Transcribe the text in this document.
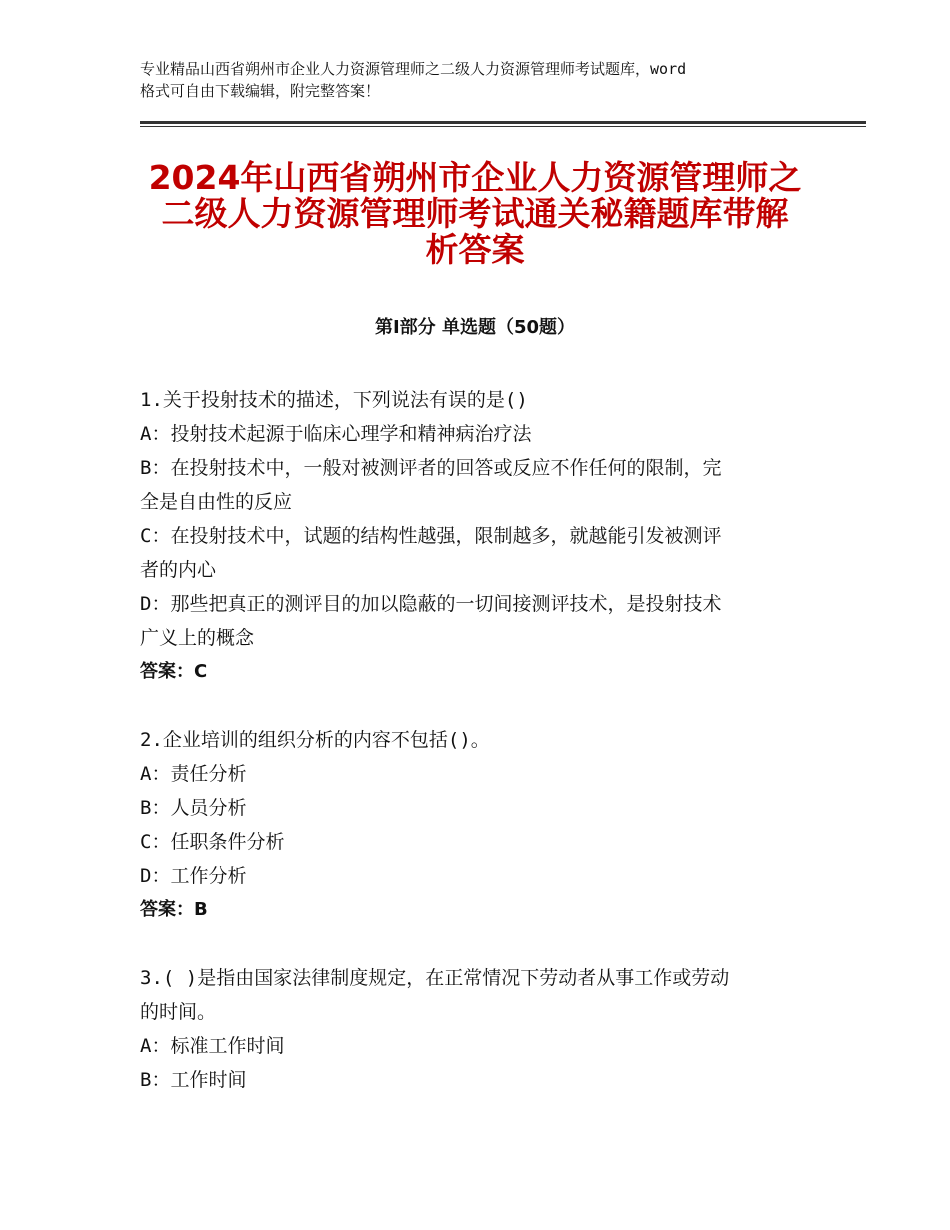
专业精品山西省朔州市企业人力资源管理师之二级人力资源管理师考试题库，word
格式可自由下载编辑，附完整答案！
2024年山西省朔州市企业人力资源管理师之
二级人力资源管理师考试通关秘籍题库带解
析答案
第Ⅰ部分 单选题（50题）

1.关于投射技术的描述，下列说法有误的是()

A：投射技术起源于临床心理学和精神病治疗法

B：在投射技术中，一般对被测评者的回答或反应不作任何的限制，完

全是自由性的反应

C：在投射技术中，试题的结构性越强，限制越多，就越能引发被测评

者的内心

D：那些把真正的测评目的加以隐蔽的一切间接测评技术，是投射技术

广义上的概念

答案：C

2.企业培训的组织分析的内容不包括()。

A：责任分析

B：人员分析

C：任职条件分析

D：工作分析

答案：B

3.( )是指由国家法律制度规定，在正常情况下劳动者从事工作或劳动

的时间。

A：标准工作时间

B：工作时间
